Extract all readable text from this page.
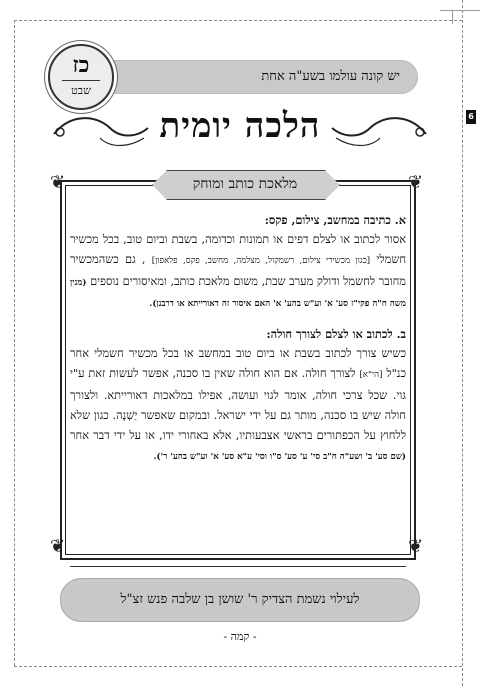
6
יש קונה עולמו בשע"ה אחת
כז
שבט
הלכה יומית
❦	❦
❦	❦
מלאכת כותב ומוחק

א. כתיבה במחשב, צילום, פקס:

אסור לכתוב או לצלם דפים או תמונות וכדומה, בשבת וביום טוב, בכל מכשיר חשמלי [כגון מכשירי צילום, רשמקול, מצלמה, מחשב, פקס, פלאפון] , גם כשהמכשיר מחובר לחשמל ודולק מערב שבת, משום מלאכת כותב, ומאיסורים נוספים (מנין משה ח"ה פקי"ז סע' א' וע"ש בהע' א' האם איסור זה דאורייתא או דרבנן).

ב. לכתוב או לצלם לצורך חולה:

כשיש צורך לכתוב בשבת או ביום טוב במחשב או בכל מכשיר חשמלי אחר כנ"ל [הי"א] לצורך חולה. אם הוא חולה שאין בו סכנה, אפשר לעשות זאת ע"י גוי. שכל צרכי חולה, אומר לגוי ועושה, אפילו במלאכות דאורייתא. ולצורך חולה שיש בו סכנה, מותר גם על ידי ישראל. ובמקום שאפשר יַשְׁנָה. כגון שלא ללחוץ על הכפתורים בראשי אצבעותיו, אלא באחורי ידו, או על ידי דבר אחר (שם סע' ב' ושע"ה ח"ב סי' ע' סע' ס"ו וסי' ע"א סע' א' וע"ש בהע' ר').

לעילוי נשמת הצדיק ר' שושן בן שלבה פנש זצ"ל
- קמה -
